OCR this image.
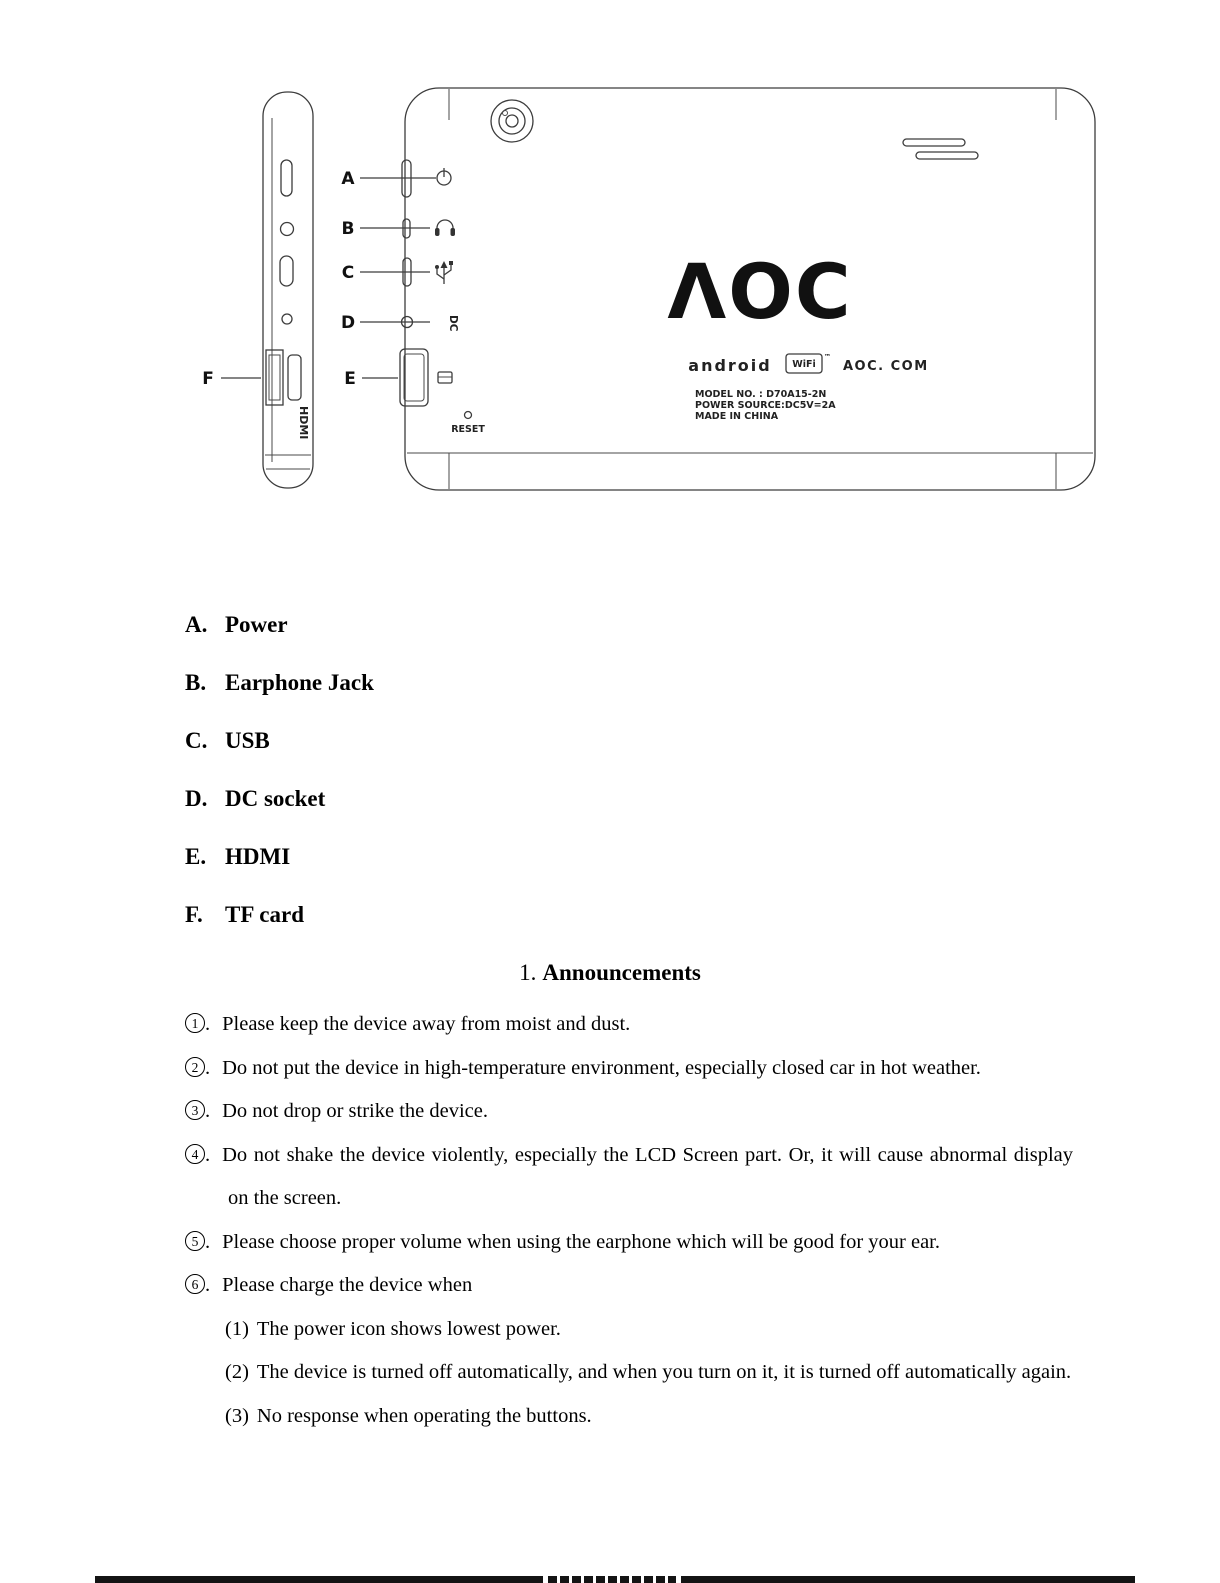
HDMI
F
DC
RESET
ΛOC
android WiFi
™
AOC. COM
MODEL NO. : D70A15-2N
POWER SOURCE:DC5V=2A
MADE IN CHINA
A
B
C
D
E
A. Power
B. Earphone Jack
C. USB
D. DC socket
E. HDMI
F. TF card
1. Announcements
1 . Please keep the device away from moist and dust.
2 . Do not put the device in high-temperature environment, especially closed car in hot weather.
3 . Do not drop or strike the device.
4 . Do not shake the device violently, especially the LCD Screen part. Or, it will cause abnormal display on the screen.
5 . Please choose proper volume when using the earphone which will be good for your ear.
6 . Please charge the device when
(1) The power icon shows lowest power.
(2) The device is turned off automatically, and when you turn on it, it is turned off automatically again.
(3) No response when operating the buttons.
